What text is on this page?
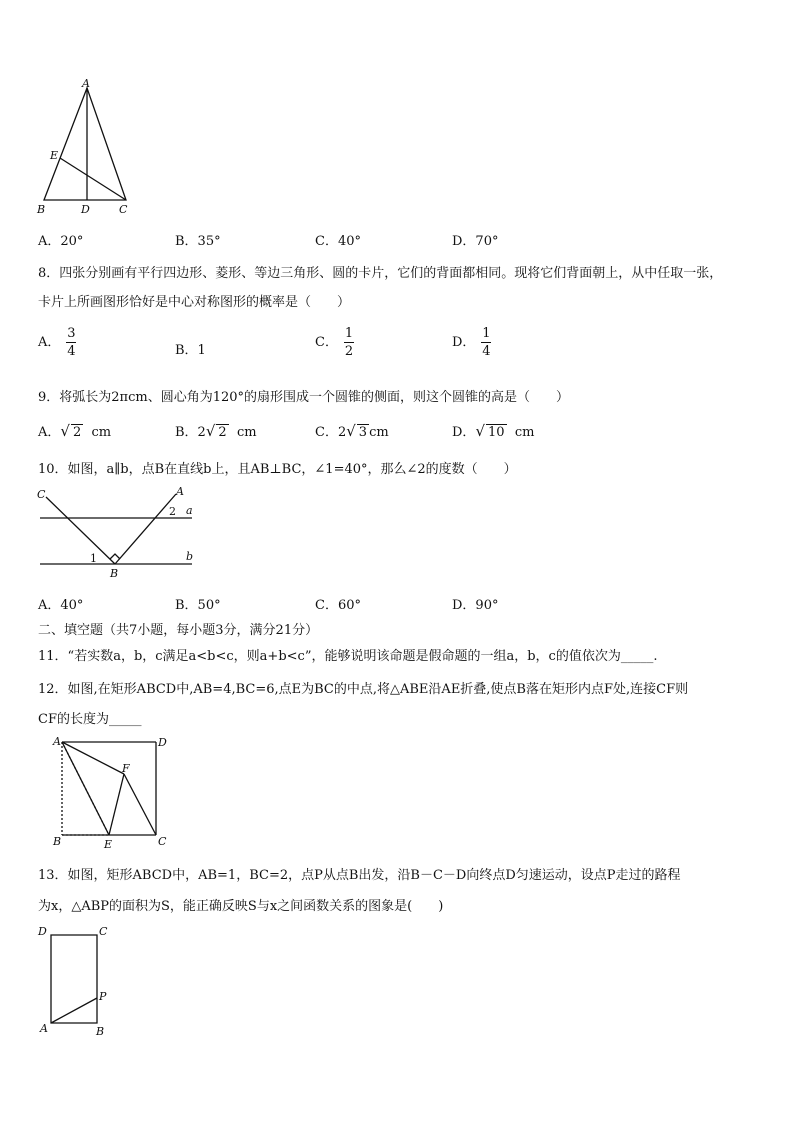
A
E
B	D	C
A．20°	B．35°	C．40°	D．70°
8．四张分别画有平行四边形、菱形、等边三角形、圆的卡片，它们的背面都相同。现将它们背面朝上，从中任取一张，
卡片上所画图形恰好是中心对称图形的概率是（　　）
A． $\frac{3}{4}$	B．1
C． $\frac{1}{2}$	D． $\frac{1}{4}$
9．将弧长为2πcm、圆心角为120°的扇形围成一个圆锥的侧面，则这个圆锥的高是（　　）
A．√ 2 cm	B．2√ 2 cm	C．2√ 3 cm	D．√ 10 cm
10．如图，a∥b，点B在直线b上，且AB⊥BC，∠1=40°，那么∠2的度数（　　）
C	A
a
b
1
2
B
A．40°	B．50°	C．60°	D．90°
二、填空题（共7小题，每小题3分，满分21分）
11．“若实数a，b，c满足a<b<c，则a+b<c”，能够说明该命题是假命题的一组a，b，c的值依次为_____.
12．如图,在矩形ABCD中,AB=4,BC=6,点E为BC的中点,将△ABE沿AE折叠,使点B落在矩形内点F处,连接CF则
CF的长度为_____
A	D
F
B	E	C
13．如图，矩形ABCD中，AB=1，BC=2，点P从点B出发，沿B－C－D向终点D匀速运动，设点P走过的路程
为x，△ABP的面积为S，能正确反映S与x之间函数关系的图象是(　　)
D	C
P
A	B
